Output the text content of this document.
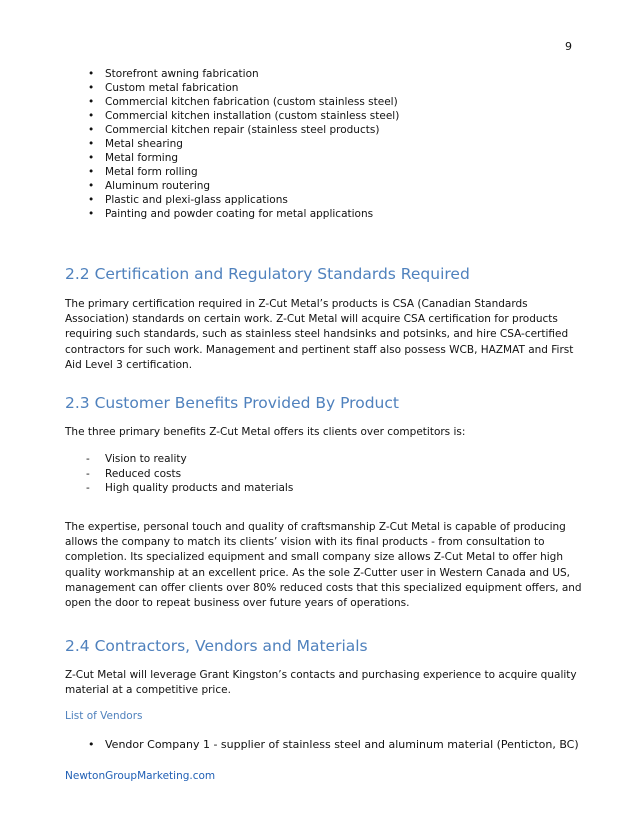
9
• Storefront awning fabrication
• Custom metal fabrication
• Commercial kitchen fabrication (custom stainless steel)
• Commercial kitchen installation (custom stainless steel)
• Commercial kitchen repair (stainless steel products)
• Metal shearing
• Metal forming
• Metal form rolling
• Aluminum routering
• Plastic and plexi-glass applications
• Painting and powder coating for metal applications
2.2 Certification and Regulatory Standards Required

The primary certification required in Z-Cut Metal’s products is CSA (Canadian Standards Association) standards on certain work. Z-Cut Metal will acquire CSA certification for products requiring such standards, such as stainless steel handsinks and potsinks, and hire CSA-certified contractors for such work. Management and pertinent staff also possess WCB, HAZMAT and First Aid Level 3 certification.

2.3 Customer Benefits Provided By Product

The three primary benefits Z-Cut Metal offers its clients over competitors is:

- Vision to reality
- Reduced costs
- High quality products and materials

The expertise, personal touch and quality of craftsmanship Z-Cut Metal is capable of producing allows the company to match its clients’ vision with its final products - from consultation to completion. Its specialized equipment and small company size allows Z-Cut Metal to offer high quality workmanship at an excellent price. As the sole Z-Cutter user in Western Canada and US, management can offer clients over 80% reduced costs that this specialized equipment offers, and open the door to repeat business over future years of operations.

2.4 Contractors, Vendors and Materials

Z-Cut Metal will leverage Grant Kingston’s contacts and purchasing experience to acquire quality material at a competitive price.

List of Vendors

• Vendor Company 1 - supplier of stainless steel and aluminum material (Penticton, BC)
NewtonGroupMarketing.com
